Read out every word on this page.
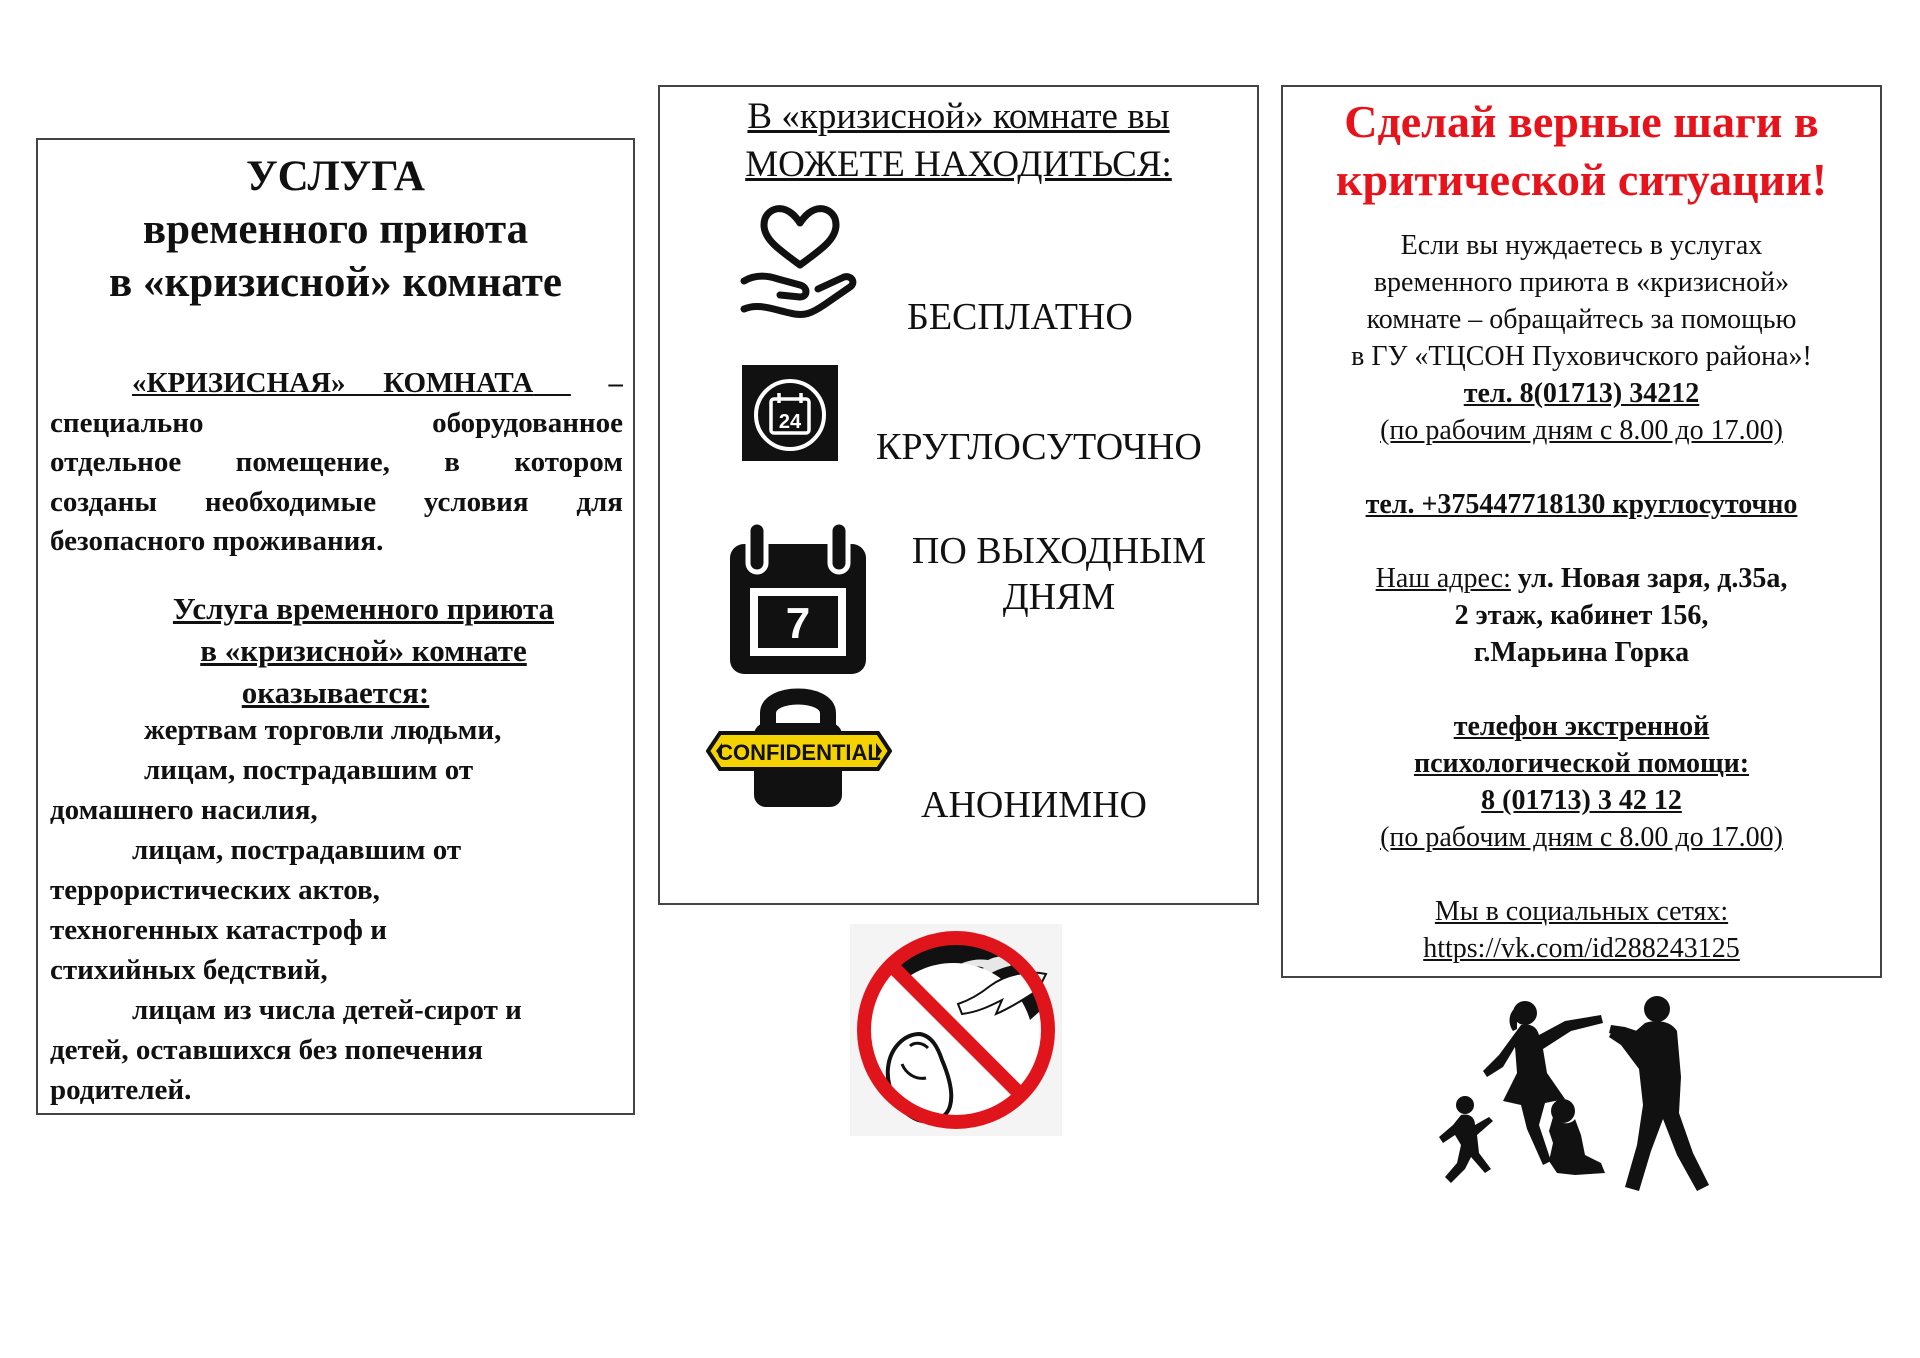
УСЛУГА
временного приюта
в «кризисной» комнате
«КРИЗИСНАЯ» КОМНАТА  –
специально оборудованное
отдельное помещение, в котором
созданы необходимые условия для
безопасного проживания.
Услуга временного приюта
в «кризисной» комнате
оказывается:
жертвам торговли людьми,
лицам, пострадавшим от
домашнего насилия,
лицам, пострадавшим от
террористических актов,
техногенных катастроф и
стихийных бедствий,
лицам из числа детей-сирот и
детей, оставшихся без попечения
родителей.
В «кризисной» комнате вы
МОЖЕТЕ НАХОДИТЬСЯ:
БЕСПЛАТНО
24
КРУГЛОСУТОЧНО
7
ПО ВЫХОДНЫМ
ДНЯМ
CONFIDENTIAL
АНОНИМНО
Сделай верные шаги в
критической ситуации!
Если вы нуждаетесь в услугах
временного приюта в «кризисной»
комнате – обращайтесь за помощью
в ГУ «ТЦСОН Пуховичского района»!
тел. 8(01713) 34212
(по рабочим дням с 8.00 до 17.00)
тел. +375447718130 круглосуточно
Наш адрес: ул. Новая заря, д.35а,
2 этаж, кабинет 156,
г.Марьина Горка
телефон экстренной
психологической помощи:
8 (01713) 3 42 12
(по рабочим дням с 8.00 до 17.00)
Мы в социальных сетях:
https://vk.com/id288243125
